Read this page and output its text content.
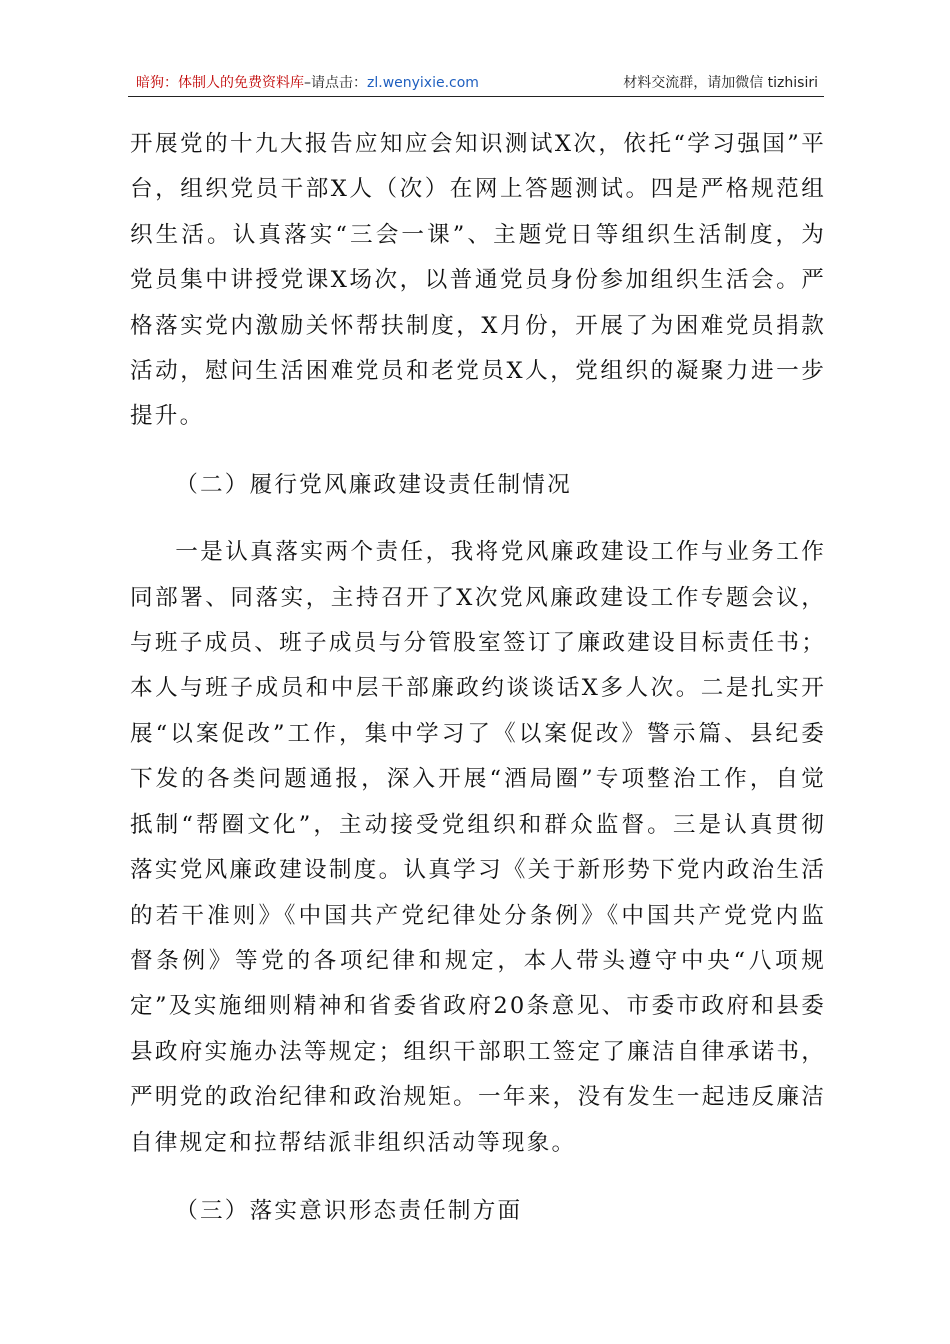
暗狗：体制人的免费资料库–请点击：zl.wenyixie.com	材料交流群，请加微信 tizhisiri

开展党的十九大报告应知应会知识测试X次，依托“学习强国”平台，组织党员干部X人（次）在网上答题测试。四是严格规范组织生活。认真落实“三会一课”、主题党日等组织生活制度，为党员集中讲授党课X场次，以普通党员身份参加组织生活会。严格落实党内激励关怀帮扶制度，X月份，开展了为困难党员捐款活动，慰问生活困难党员和老党员X人，党组织的凝聚力进一步提升。

（二）履行党风廉政建设责任制情况

一是认真落实两个责任，我将党风廉政建设工作与业务工作同部署、同落实，主持召开了X次党风廉政建设工作专题会议，与班子成员、班子成员与分管股室签订了廉政建设目标责任书；本人与班子成员和中层干部廉政约谈谈话X多人次。二是扎实开展“以案促改”工作，集中学习了《以案促改》警示篇、县纪委下发的各类问题通报，深入开展“酒局圈”专项整治工作，自觉抵制“帮圈文化”，主动接受党组织和群众监督。三是认真贯彻落实党风廉政建设制度。认真学习《关于新形势下党内政治生活的若干准则》《中国共产党纪律处分条例》《中国共产党党内监督条例》等党的各项纪律和规定，本人带头遵守中央“八项规定”及实施细则精神和省委省政府20条意见、市委市政府和县委县政府实施办法等规定；组织干部职工签定了廉洁自律承诺书，严明党的政治纪律和政治规矩。一年来，没有发生一起违反廉洁自律规定和拉帮结派非组织活动等现象。

（三）落实意识形态责任制方面
